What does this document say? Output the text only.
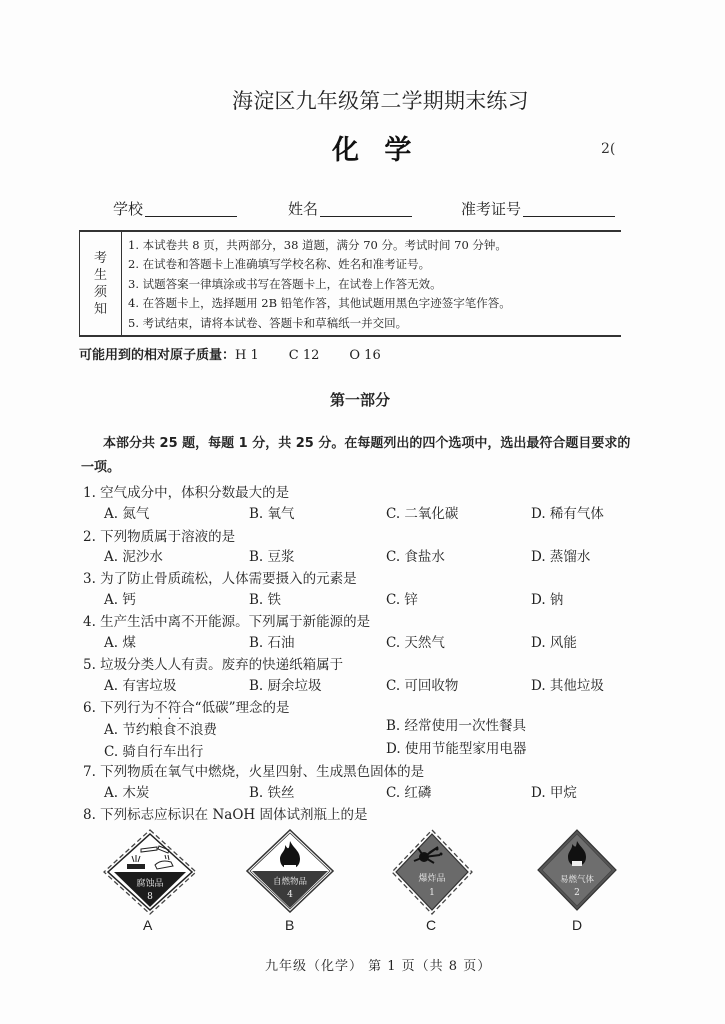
海淀区九年级第二学期期末练习
化 学	2(
学校	姓名	准考证号
考
生
须
知
1. 本试卷共 8 页，共两部分，38 道题，满分 70 分。考试时间 70 分钟。
2. 在试卷和答题卡上准确填写学校名称、姓名和准考证号。
3. 试题答案一律填涂或书写在答题卡上，在试卷上作答无效。
4. 在答题卡上，选择题用 2B 铅笔作答，其他试题用黑色字迹签字笔作答。
5. 考试结束，请将本试卷、答题卡和草稿纸一并交回。
可能用到的相对原子质量：H 1 C 12 O 16
第一部分
本部分共 25 题，每题 1 分，共 25 分。在每题列出的四个选项中，选出最符合题目要求的
一项。
1. 空气成分中，体积分数最大的是
A. 氮气	B. 氧气	C. 二氧化碳	D. 稀有气体
2. 下列物质属于溶液的是
A. 泥沙水	B. 豆浆	C. 食盐水	D. 蒸馏水
3. 为了防止骨质疏松，人体需要摄入的元素是
A. 钙	B. 铁	C. 锌	D. 钠
4. 生产生活中离不开能源。下列属于新能源的是
A. 煤	B. 石油	C. 天然气	D. 风能
5. 垃圾分类人人有责。废弃的快递纸箱属于
A. 有害垃圾	B. 厨余垃圾	C. 可回收物	D. 其他垃圾
6. 下列行为不符合 ·  ·  ·“低碳”理念的是
A. 节约粮食不浪费	B. 经常使用一次性餐具
C. 骑自行车出行	D. 使用节能型家用电器
7. 下列物质在氧气中燃烧，火星四射、生成黑色固体的是
A. 木炭	B. 铁丝	C. 红磷	D. 甲烷
8. 下列标志应标识在 NaOH 固体试剂瓶上的是
腐蚀品
8
A
自燃物品
4
B
爆炸品
1
C
易燃气体
2
D
九年级（化学） 第 1 页（共 8 页）
